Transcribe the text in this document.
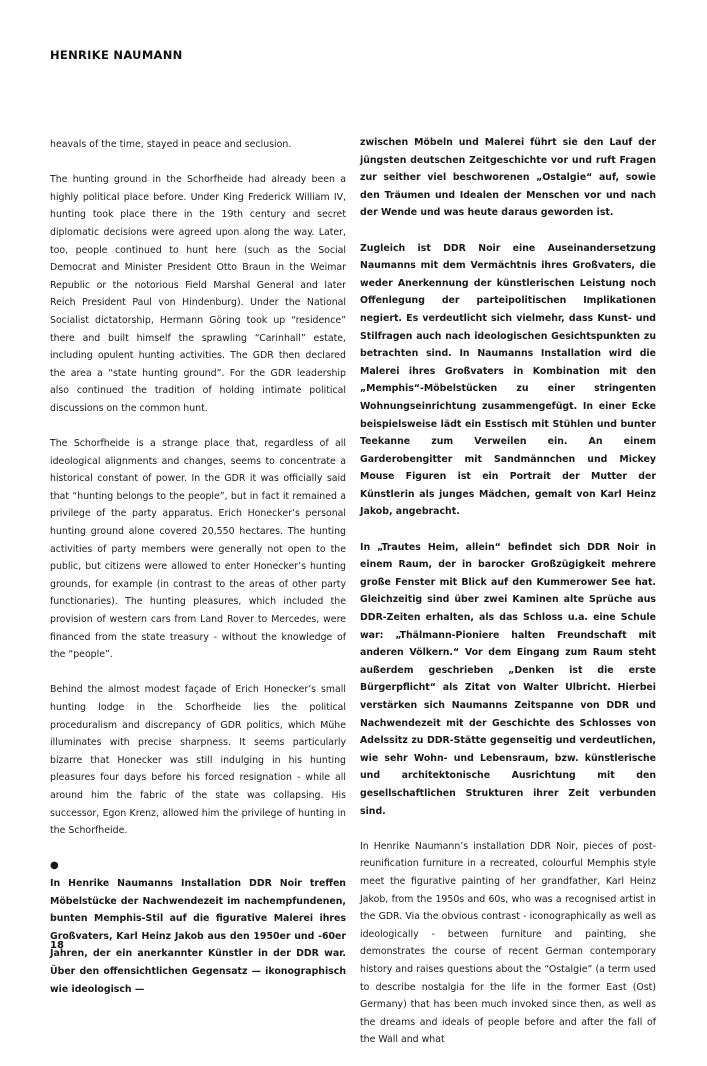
HENRIKE NAUMANN

heavals of the time, stayed in peace and seclusion.

The hunting ground in the Schorfheide had already been a highly political place before. Under King Frederick William IV, hunting took place there in the 19th century and secret diplomatic decisions were agreed upon along the way. Later, too, people continued to hunt here (such as the Social Democrat and Minister President Otto Braun in the Weimar Republic or the notorious Field Marshal General and later Reich President Paul von Hindenburg). Under the National Socialist dictatorship, Hermann Göring took up “residence” there and built himself the sprawling “Carinhall” estate, including opulent hunting activities. The GDR then declared the area a “state hunting ground”. For the GDR leadership also continued the tradition of holding intimate political discussions on the common hunt.

The Schorfheide is a strange place that, regardless of all ideological alignments and changes, seems to concentrate a historical constant of power. In the GDR it was officially said that “hunting belongs to the people”, but in fact it remained a privilege of the party apparatus. Erich Honecker’s personal hunting ground alone covered 20,550 hectares. The hunting activities of party members were generally not open to the public, but citizens were allowed to enter Honecker’s hunting grounds, for example (in contrast to the areas of other party functionaries). The hunting pleasures, which included the provision of western cars from Land Rover to Mercedes, were financed from the state treasury - without the knowledge of the “people”.

Behind the almost modest façade of Erich Honecker’s small hunting lodge in the Schorfheide lies the political proceduralism and discrepancy of GDR politics, which Mühe illuminates with precise sharpness. It seems particularly bizarre that Honecker was still indulging in his hunting pleasures four days before his forced resignation - while all around him the fabric of the state was collapsing. His successor, Egon Krenz, allowed him the privilege of hunting in the Schorfheide.

●

In Henrike Naumanns Installation DDR Noir treffen Möbelstücke der Nachwendezeit im nachempfundenen, bunten Memphis-Stil auf die figurative Malerei ihres Großvaters, Karl Heinz Jakob aus den 1950er und -60er Jahren, der ein anerkannter Künstler in der DDR war. Über den offensichtlichen Gegensatz — ikonographisch wie ideologisch —

zwischen Möbeln und Malerei führt sie den Lauf der jüngsten deutschen Zeitgeschichte vor und ruft Fragen zur seither viel beschworenen „Ostalgie“ auf, sowie den Träumen und Idealen der Menschen vor und nach der Wende und was heute daraus geworden ist.

Zugleich ist DDR Noir eine Auseinandersetzung Naumanns mit dem Vermächtnis ihres Großvaters, die weder Anerkennung der künstlerischen Leistung noch Offenlegung der parteipolitischen Implikationen negiert. Es verdeutlicht sich vielmehr, dass Kunst- und Stilfragen auch nach ideologischen Gesichtspunkten zu betrachten sind. In Naumanns Installation wird die Malerei ihres Großvaters in Kombination mit den „Memphis“-Möbelstücken zu einer stringenten Wohnungseinrichtung zusammengefügt. In einer Ecke beispielsweise lädt ein Esstisch mit Stühlen und bunter Teekanne zum Verweilen ein. An einem Garderobengitter mit Sandmännchen und Mickey Mouse Figuren ist ein Portrait der Mutter der Künstlerin als junges Mädchen, gemalt von Karl Heinz Jakob, angebracht.

In „Trautes Heim, allein“ befindet sich DDR Noir in einem Raum, der in barocker Großzügigkeit mehrere große Fenster mit Blick auf den Kummerower See hat. Gleichzeitig sind über zwei Kaminen alte Sprüche aus DDR-Zeiten erhalten, als das Schloss u.a. eine Schule war: „Thälmann-Pioniere halten Freundschaft mit anderen Völkern.“ Vor dem Eingang zum Raum steht außerdem geschrieben „Denken ist die erste Bürgerpflicht“ als Zitat von Walter Ulbricht. Hierbei verstärken sich Naumanns Zeitspanne von DDR und Nachwendezeit mit der Geschichte des Schlosses von Adelssitz zu DDR-Stätte gegenseitig und verdeutlichen, wie sehr Wohn- und Lebensraum, bzw. künstlerische und architektonische Ausrichtung mit den gesellschaftlichen Strukturen ihrer Zeit verbunden sind.

In Henrike Naumann’s installation DDR Noir, pieces of post-reunification furniture in a recreated, colourful Memphis style meet the figurative painting of her grandfather, Karl Heinz Jakob, from the 1950s and 60s, who was a recognised artist in the GDR. Via the obvious contrast - iconographically as well as ideologically - between furniture and painting, she demonstrates the course of recent German contemporary history and raises questions about the “Ostalgie” (a term used to describe nostalgia for the life in the former East (Ost) Germany) that has been much invoked since then, as well as the dreams and ideals of people before and after the fall of the Wall and what

18
